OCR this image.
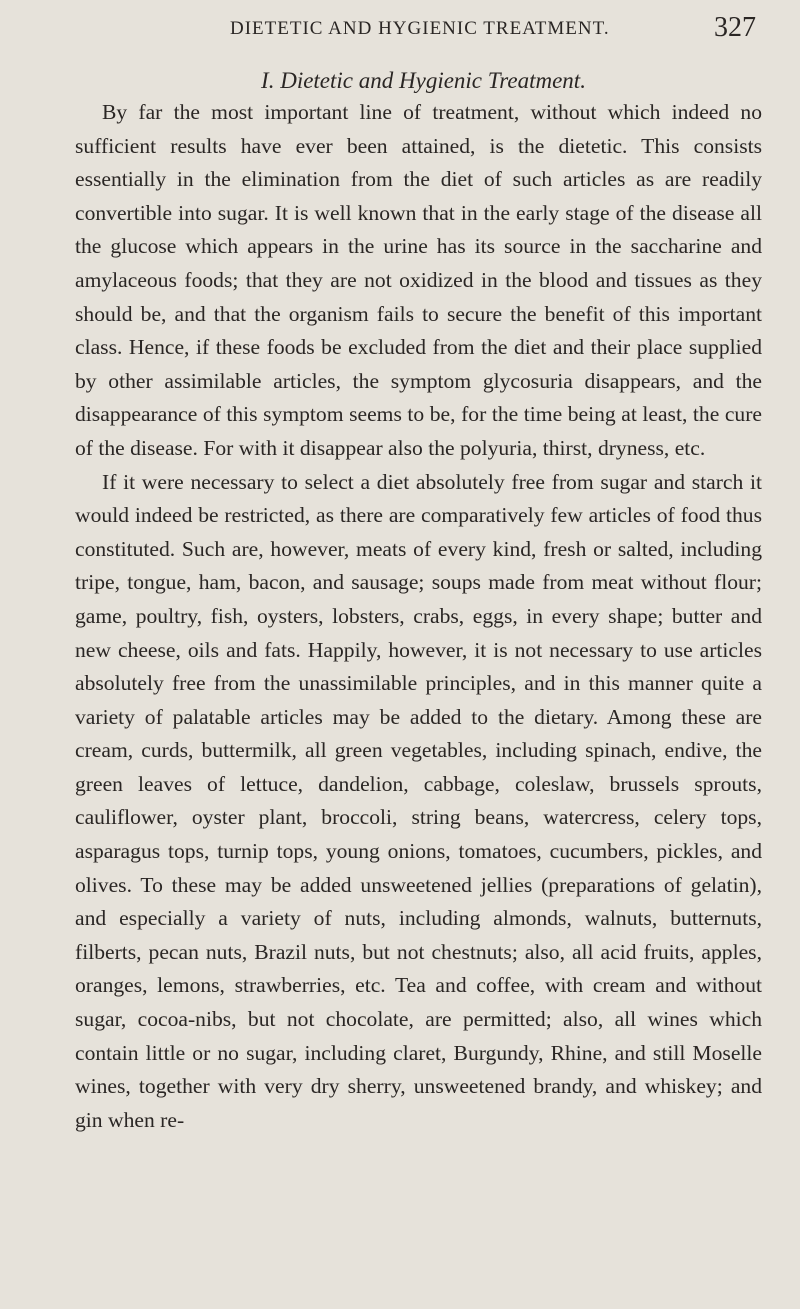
DIETETIC AND HYGIENIC TREATMENT.	327
I. Dietetic and Hygienic Treatment.

By far the most important line of treatment, without which indeed no sufficient results have ever been attained, is the dietetic. This consists essentially in the elimination from the diet of such articles as are readily convertible into sugar. It is well known that in the early stage of the disease all the glucose which appears in the urine has its source in the saccharine and amylaceous foods; that they are not oxidized in the blood and tissues as they should be, and that the organism fails to secure the benefit of this important class. Hence, if these foods be excluded from the diet and their place supplied by other assimilable articles, the symptom glycosuria disappears, and the disappearance of this symptom seems to be, for the time being at least, the cure of the disease. For with it disappear also the polyuria, thirst, dryness, etc.

If it were necessary to select a diet absolutely free from sugar and starch it would indeed be restricted, as there are comparatively few articles of food thus constituted. Such are, however, meats of every kind, fresh or salted, including tripe, tongue, ham, bacon, and sausage; soups made from meat without flour; game, poultry, fish, oysters, lobsters, crabs, eggs, in every shape; butter and new cheese, oils and fats. Happily, however, it is not necessary to use articles absolutely free from the unassimilable principles, and in this manner quite a variety of palatable articles may be added to the dietary. Among these are cream, curds, buttermilk, all green vegetables, including spinach, endive, the green leaves of lettuce, dandelion, cabbage, coleslaw, brussels sprouts, cauliflower, oyster plant, broccoli, string beans, watercress, celery tops, asparagus tops, turnip tops, young onions, tomatoes, cucumbers, pickles, and olives. To these may be added unsweetened jellies (preparations of gelatin), and especially a variety of nuts, including almonds, walnuts, butternuts, filberts, pecan nuts, Brazil nuts, but not chestnuts; also, all acid fruits, apples, oranges, lemons, strawberries, etc. Tea and coffee, with cream and without sugar, cocoa-nibs, but not chocolate, are permitted; also, all wines which contain little or no sugar, including claret, Burgundy, Rhine, and still Moselle wines, together with very dry sherry, unsweetened brandy, and whiskey; and gin when re-
